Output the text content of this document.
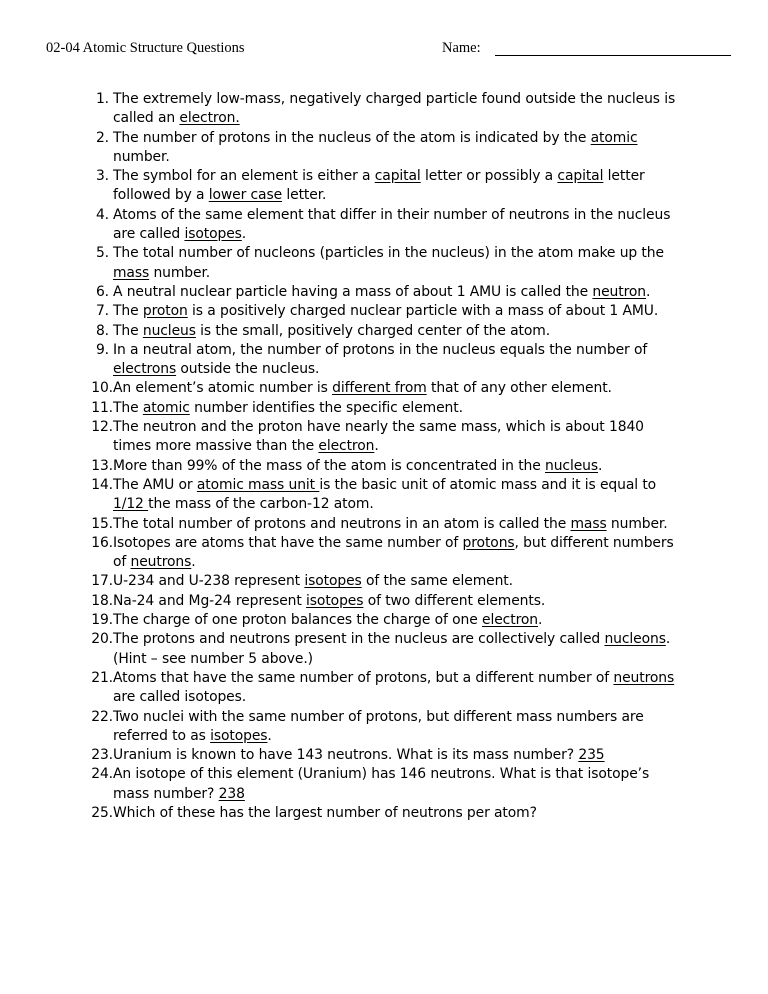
02-04 Atomic Structure Questions	Name:
1. The extremely low-mass, negatively charged particle found outside the nucleus is called an electron.
2. The number of protons in the nucleus of the atom is indicated by the atomic number.
3. The symbol for an element is either a capital letter or possibly a capital letter followed by a lower case letter.
4. Atoms of the same element that differ in their number of neutrons in the nucleus are called isotopes.
5. The total number of nucleons (particles in the nucleus) in the atom make up the mass number.
6. A neutral nuclear particle having a mass of about 1 AMU is called the neutron.
7. The proton is a positively charged nuclear particle with a mass of about 1 AMU.
8. The nucleus is the small, positively charged center of the atom.
9. In a neutral atom, the number of protons in the nucleus equals the number of electrons outside the nucleus.
10. An element’s atomic number is different from that of any other element.
11. The atomic number identifies the specific element.
12. The neutron and the proton have nearly the same mass, which is about 1840 times more massive than the electron.
13. More than 99% of the mass of the atom is concentrated in the nucleus.
14. The AMU or atomic mass unit is the basic unit of atomic mass and it is equal to 1/12 the mass of the carbon-12 atom.
15. The total number of protons and neutrons in an atom is called the mass number.
16. Isotopes are atoms that have the same number of protons, but different numbers of neutrons.
17. U-234 and U-238 represent isotopes of the same element.
18. Na-24 and Mg-24 represent isotopes of two different elements.
19. The charge of one proton balances the charge of one electron.
20. The protons and neutrons present in the nucleus are collectively called nucleons. (Hint – see number 5 above.)
21. Atoms that have the same number of protons, but a different number of neutrons are called isotopes.
22. Two nuclei with the same number of protons, but different mass numbers are referred to as isotopes.
23. Uranium is known to have 143 neutrons. What is its mass number? 235
24. An isotope of this element (Uranium) has 146 neutrons. What is that isotope’s mass number? 238
25. Which of these has the largest number of neutrons per atom?
